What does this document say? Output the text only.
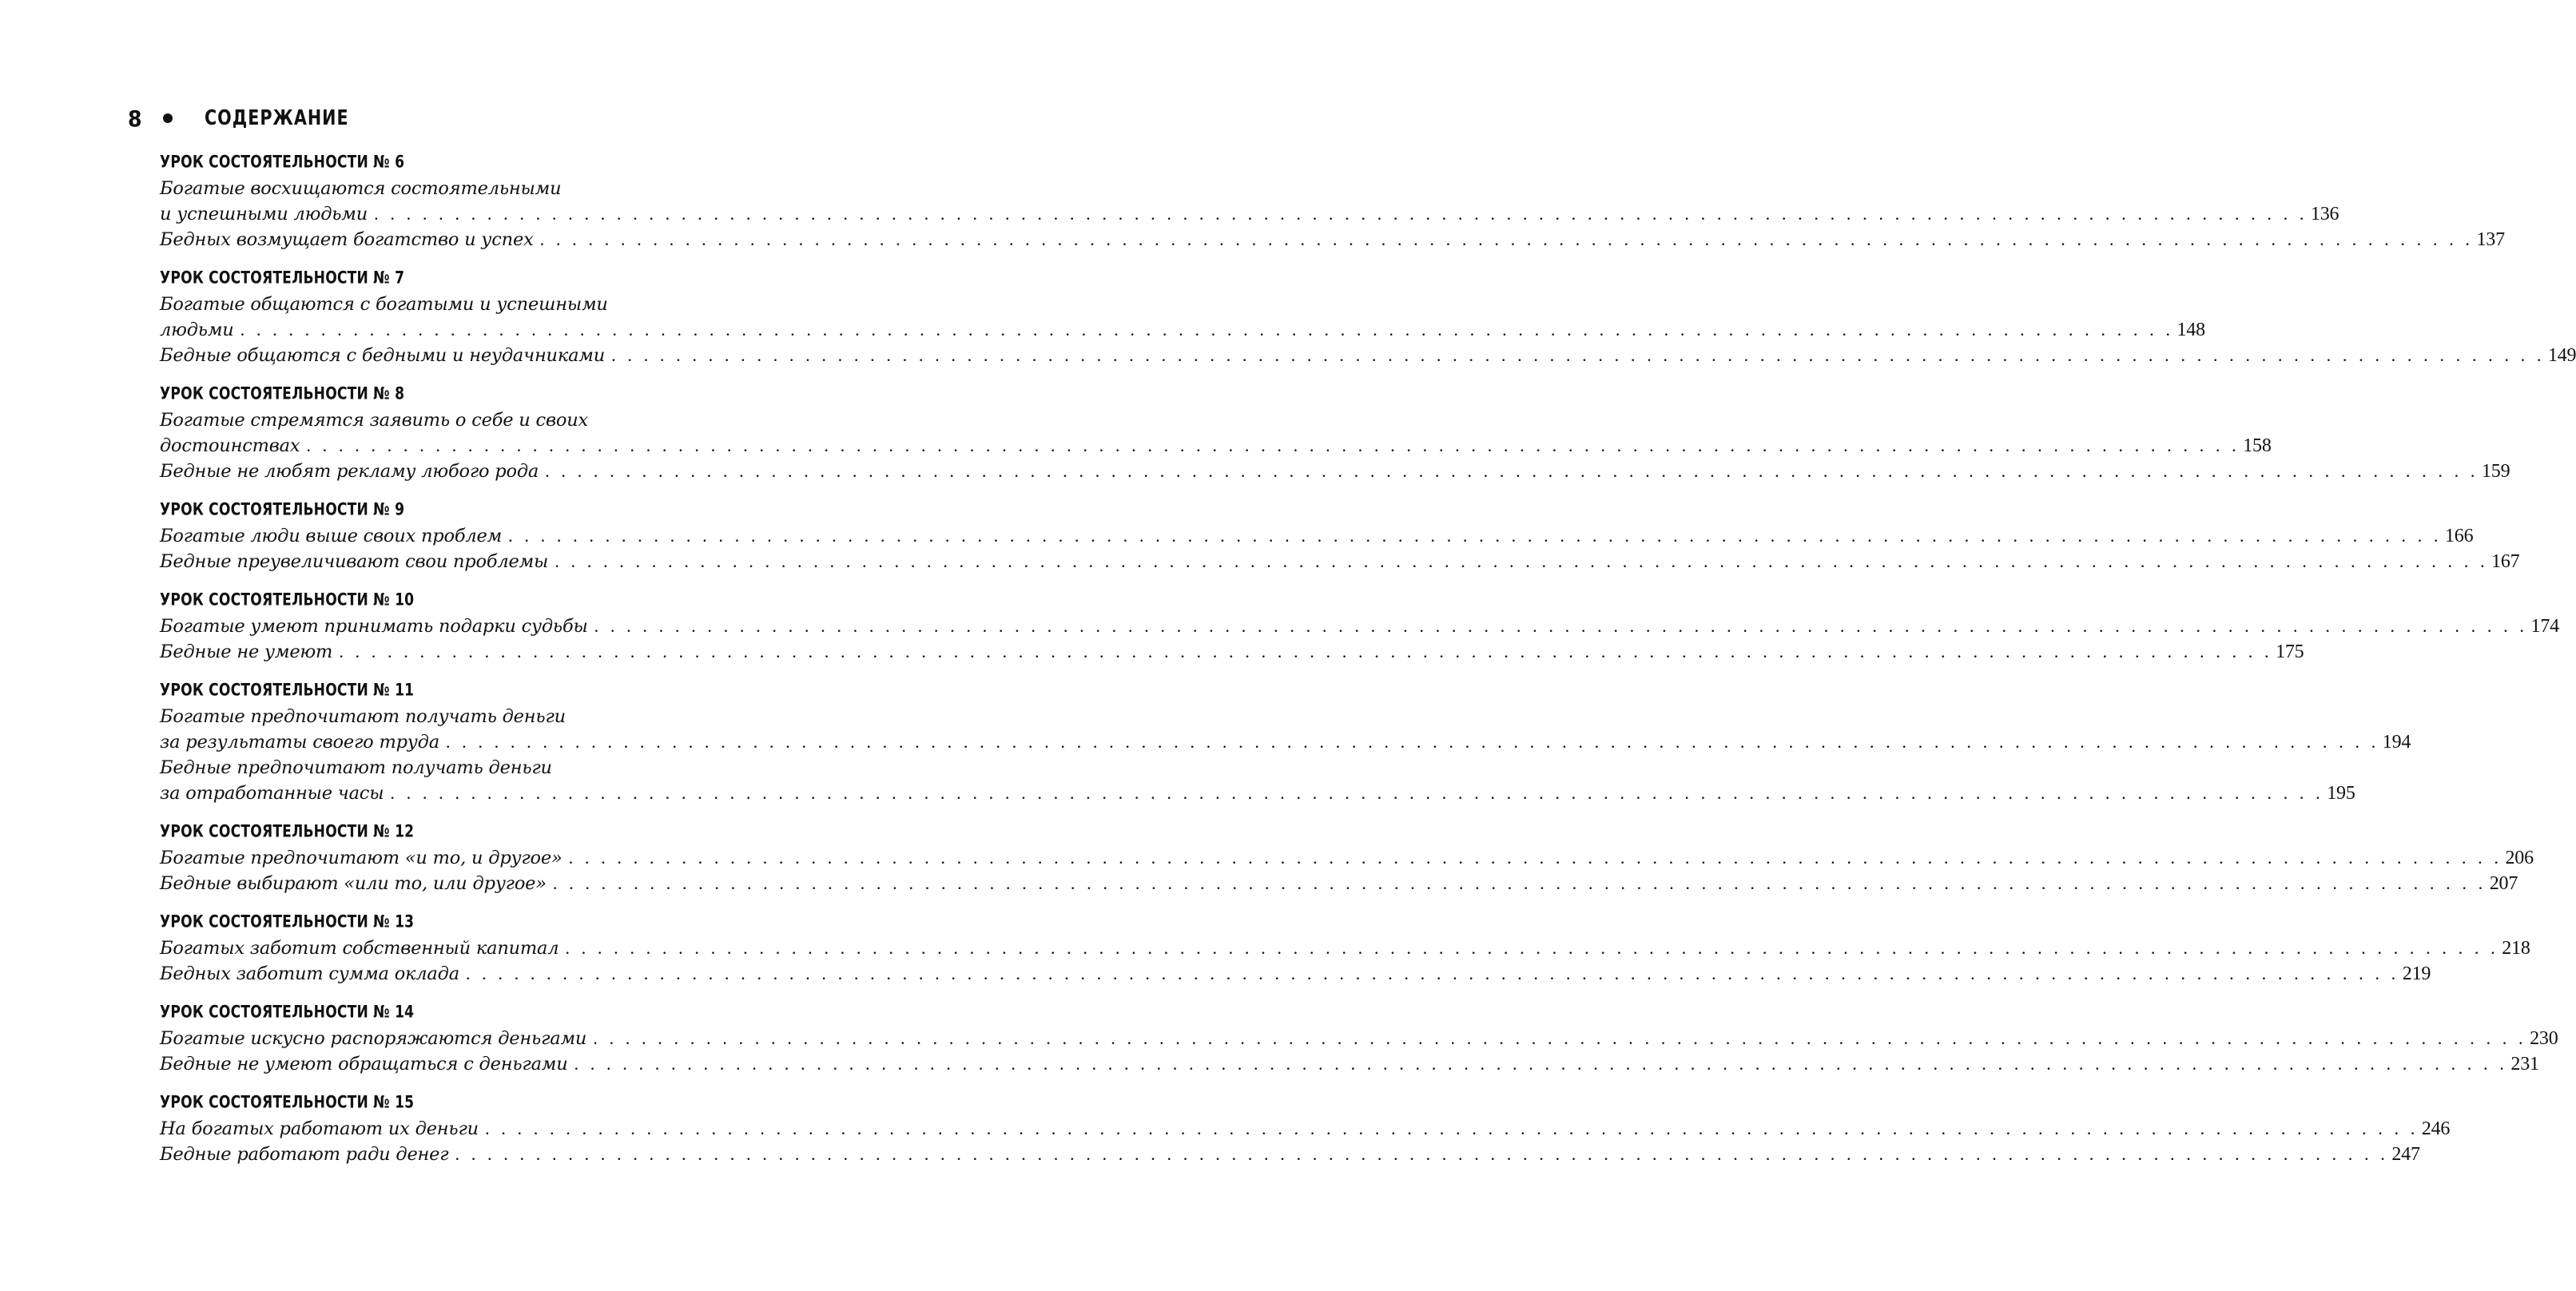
8	СОДЕРЖАНИЕ
УРОК СОСТОЯТЕЛЬНОСТИ № 6
Богатые восхищаются состоятельными
и успешными людьми . . . . . . . . . . . . . . . . . . . . . . . . . . . . . . . . . . . . . . . . . . . . . . . . . . . . . . . . . . . . . . . . . . . . . . . . . . . . . . . . . . . . . . . . . . . . . . . . . . . . . . . . . . . . . . . . . . . . . . . . 136
Бедных возмущает богатство и успех . . . . . . . . . . . . . . . . . . . . . . . . . . . . . . . . . . . . . . . . . . . . . . . . . . . . . . . . . . . . . . . . . . . . . . . . . . . . . . . . . . . . . . . . . . . . . . . . . . . . . . . . . . . . . . . . . . . . . . . . 137
УРОК СОСТОЯТЕЛЬНОСТИ № 7
Богатые общаются с богатыми и успешными
людьми . . . . . . . . . . . . . . . . . . . . . . . . . . . . . . . . . . . . . . . . . . . . . . . . . . . . . . . . . . . . . . . . . . . . . . . . . . . . . . . . . . . . . . . . . . . . . . . . . . . . . . . . . . . . . . . . . . . . . . . . 148
Бедные общаются с бедными и неудачниками . . . . . . . . . . . . . . . . . . . . . . . . . . . . . . . . . . . . . . . . . . . . . . . . . . . . . . . . . . . . . . . . . . . . . . . . . . . . . . . . . . . . . . . . . . . . . . . . . . . . . . . . . . . . . . . . . . . . . . . . 149
УРОК СОСТОЯТЕЛЬНОСТИ № 8
Богатые стремятся заявить о себе и своих
достоинствах . . . . . . . . . . . . . . . . . . . . . . . . . . . . . . . . . . . . . . . . . . . . . . . . . . . . . . . . . . . . . . . . . . . . . . . . . . . . . . . . . . . . . . . . . . . . . . . . . . . . . . . . . . . . . . . . . . . . . . . . 158
Бедные не любят рекламу любого рода . . . . . . . . . . . . . . . . . . . . . . . . . . . . . . . . . . . . . . . . . . . . . . . . . . . . . . . . . . . . . . . . . . . . . . . . . . . . . . . . . . . . . . . . . . . . . . . . . . . . . . . . . . . . . . . . . . . . . . . . 159
УРОК СОСТОЯТЕЛЬНОСТИ № 9
Богатые люди выше своих проблем . . . . . . . . . . . . . . . . . . . . . . . . . . . . . . . . . . . . . . . . . . . . . . . . . . . . . . . . . . . . . . . . . . . . . . . . . . . . . . . . . . . . . . . . . . . . . . . . . . . . . . . . . . . . . . . . . . . . . . . . 166
Бедные преувеличивают свои проблемы . . . . . . . . . . . . . . . . . . . . . . . . . . . . . . . . . . . . . . . . . . . . . . . . . . . . . . . . . . . . . . . . . . . . . . . . . . . . . . . . . . . . . . . . . . . . . . . . . . . . . . . . . . . . . . . . . . . . . . . . 167
УРОК СОСТОЯТЕЛЬНОСТИ № 10
Богатые умеют принимать подарки судьбы . . . . . . . . . . . . . . . . . . . . . . . . . . . . . . . . . . . . . . . . . . . . . . . . . . . . . . . . . . . . . . . . . . . . . . . . . . . . . . . . . . . . . . . . . . . . . . . . . . . . . . . . . . . . . . . . . . . . . . . . 174
Бедные не умеют . . . . . . . . . . . . . . . . . . . . . . . . . . . . . . . . . . . . . . . . . . . . . . . . . . . . . . . . . . . . . . . . . . . . . . . . . . . . . . . . . . . . . . . . . . . . . . . . . . . . . . . . . . . . . . . . . . . . . . . . 175
УРОК СОСТОЯТЕЛЬНОСТИ № 11
Богатые предпочитают получать деньги
за результаты своего труда . . . . . . . . . . . . . . . . . . . . . . . . . . . . . . . . . . . . . . . . . . . . . . . . . . . . . . . . . . . . . . . . . . . . . . . . . . . . . . . . . . . . . . . . . . . . . . . . . . . . . . . . . . . . . . . . . . . . . . . . 194
Бедные предпочитают получать деньги
за отработанные часы . . . . . . . . . . . . . . . . . . . . . . . . . . . . . . . . . . . . . . . . . . . . . . . . . . . . . . . . . . . . . . . . . . . . . . . . . . . . . . . . . . . . . . . . . . . . . . . . . . . . . . . . . . . . . . . . . . . . . . . . 195
УРОК СОСТОЯТЕЛЬНОСТИ № 12
Богатые предпочитают «и то, и другое» . . . . . . . . . . . . . . . . . . . . . . . . . . . . . . . . . . . . . . . . . . . . . . . . . . . . . . . . . . . . . . . . . . . . . . . . . . . . . . . . . . . . . . . . . . . . . . . . . . . . . . . . . . . . . . . . . . . . . . . . 206
Бедные выбирают «или то, или другое» . . . . . . . . . . . . . . . . . . . . . . . . . . . . . . . . . . . . . . . . . . . . . . . . . . . . . . . . . . . . . . . . . . . . . . . . . . . . . . . . . . . . . . . . . . . . . . . . . . . . . . . . . . . . . . . . . . . . . . . . 207
УРОК СОСТОЯТЕЛЬНОСТИ № 13
Богатых заботит собственный капитал . . . . . . . . . . . . . . . . . . . . . . . . . . . . . . . . . . . . . . . . . . . . . . . . . . . . . . . . . . . . . . . . . . . . . . . . . . . . . . . . . . . . . . . . . . . . . . . . . . . . . . . . . . . . . . . . . . . . . . . . 218
Бедных заботит сумма оклада . . . . . . . . . . . . . . . . . . . . . . . . . . . . . . . . . . . . . . . . . . . . . . . . . . . . . . . . . . . . . . . . . . . . . . . . . . . . . . . . . . . . . . . . . . . . . . . . . . . . . . . . . . . . . . . . . . . . . . . . 219
УРОК СОСТОЯТЕЛЬНОСТИ № 14
Богатые искусно распоряжаются деньгами . . . . . . . . . . . . . . . . . . . . . . . . . . . . . . . . . . . . . . . . . . . . . . . . . . . . . . . . . . . . . . . . . . . . . . . . . . . . . . . . . . . . . . . . . . . . . . . . . . . . . . . . . . . . . . . . . . . . . . . . 230
Бедные не умеют обращаться с деньгами . . . . . . . . . . . . . . . . . . . . . . . . . . . . . . . . . . . . . . . . . . . . . . . . . . . . . . . . . . . . . . . . . . . . . . . . . . . . . . . . . . . . . . . . . . . . . . . . . . . . . . . . . . . . . . . . . . . . . . . . 231
УРОК СОСТОЯТЕЛЬНОСТИ № 15
На богатых работают их деньги . . . . . . . . . . . . . . . . . . . . . . . . . . . . . . . . . . . . . . . . . . . . . . . . . . . . . . . . . . . . . . . . . . . . . . . . . . . . . . . . . . . . . . . . . . . . . . . . . . . . . . . . . . . . . . . . . . . . . . . . 246
Бедные работают ради денег . . . . . . . . . . . . . . . . . . . . . . . . . . . . . . . . . . . . . . . . . . . . . . . . . . . . . . . . . . . . . . . . . . . . . . . . . . . . . . . . . . . . . . . . . . . . . . . . . . . . . . . . . . . . . . . . . . . . . . . . 247
